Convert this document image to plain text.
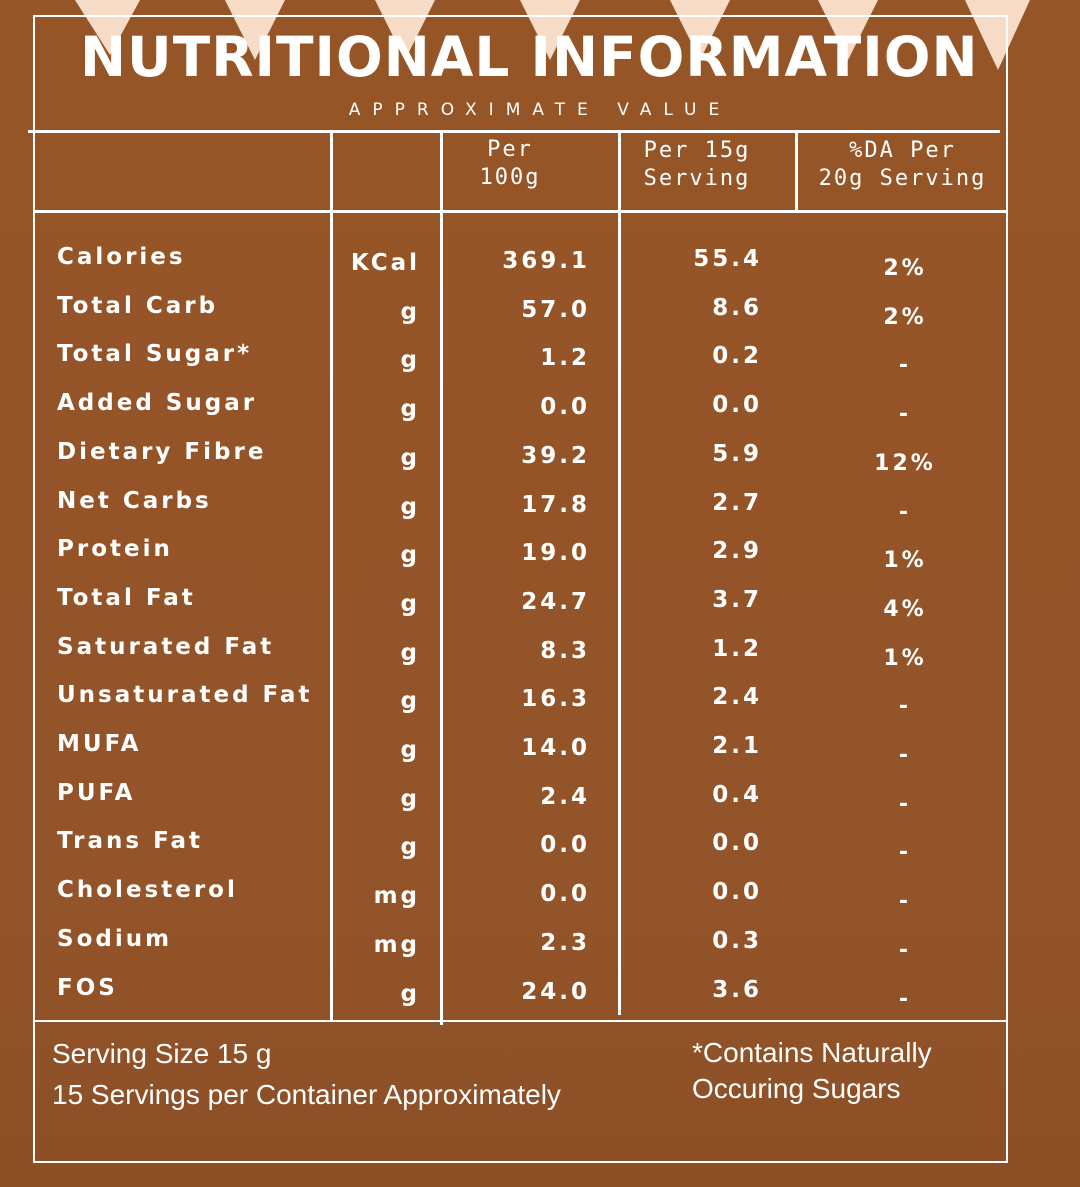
NUTRITIONAL INFORMATION
APPROXIMATE VALUE
Per
100g
Per 15g
Serving
%DA Per
20g Serving
Calories	KCal	369.1	55.4	2%
Total Carb	g	57.0	8.6	2%
Total Sugar*	g	1.2	0.2	-
Added Sugar	g	0.0	0.0	-
Dietary Fibre	g	39.2	5.9	12%
Net Carbs	g	17.8	2.7	-
Protein	g	19.0	2.9	1%
Total Fat	g	24.7	3.7	4%
Saturated Fat	g	8.3	1.2	1%
Unsaturated Fat	g	16.3	2.4	-
MUFA	g	14.0	2.1	-
PUFA	g	2.4	0.4	-
Trans Fat	g	0.0	0.0	-
Cholesterol	mg	0.0	0.0	-
Sodium	mg	2.3	0.3	-
FOS	g	24.0	3.6	-
Serving Size 15 g
15 Servings per Container Approximately
*Contains Naturally
Occuring Sugars
